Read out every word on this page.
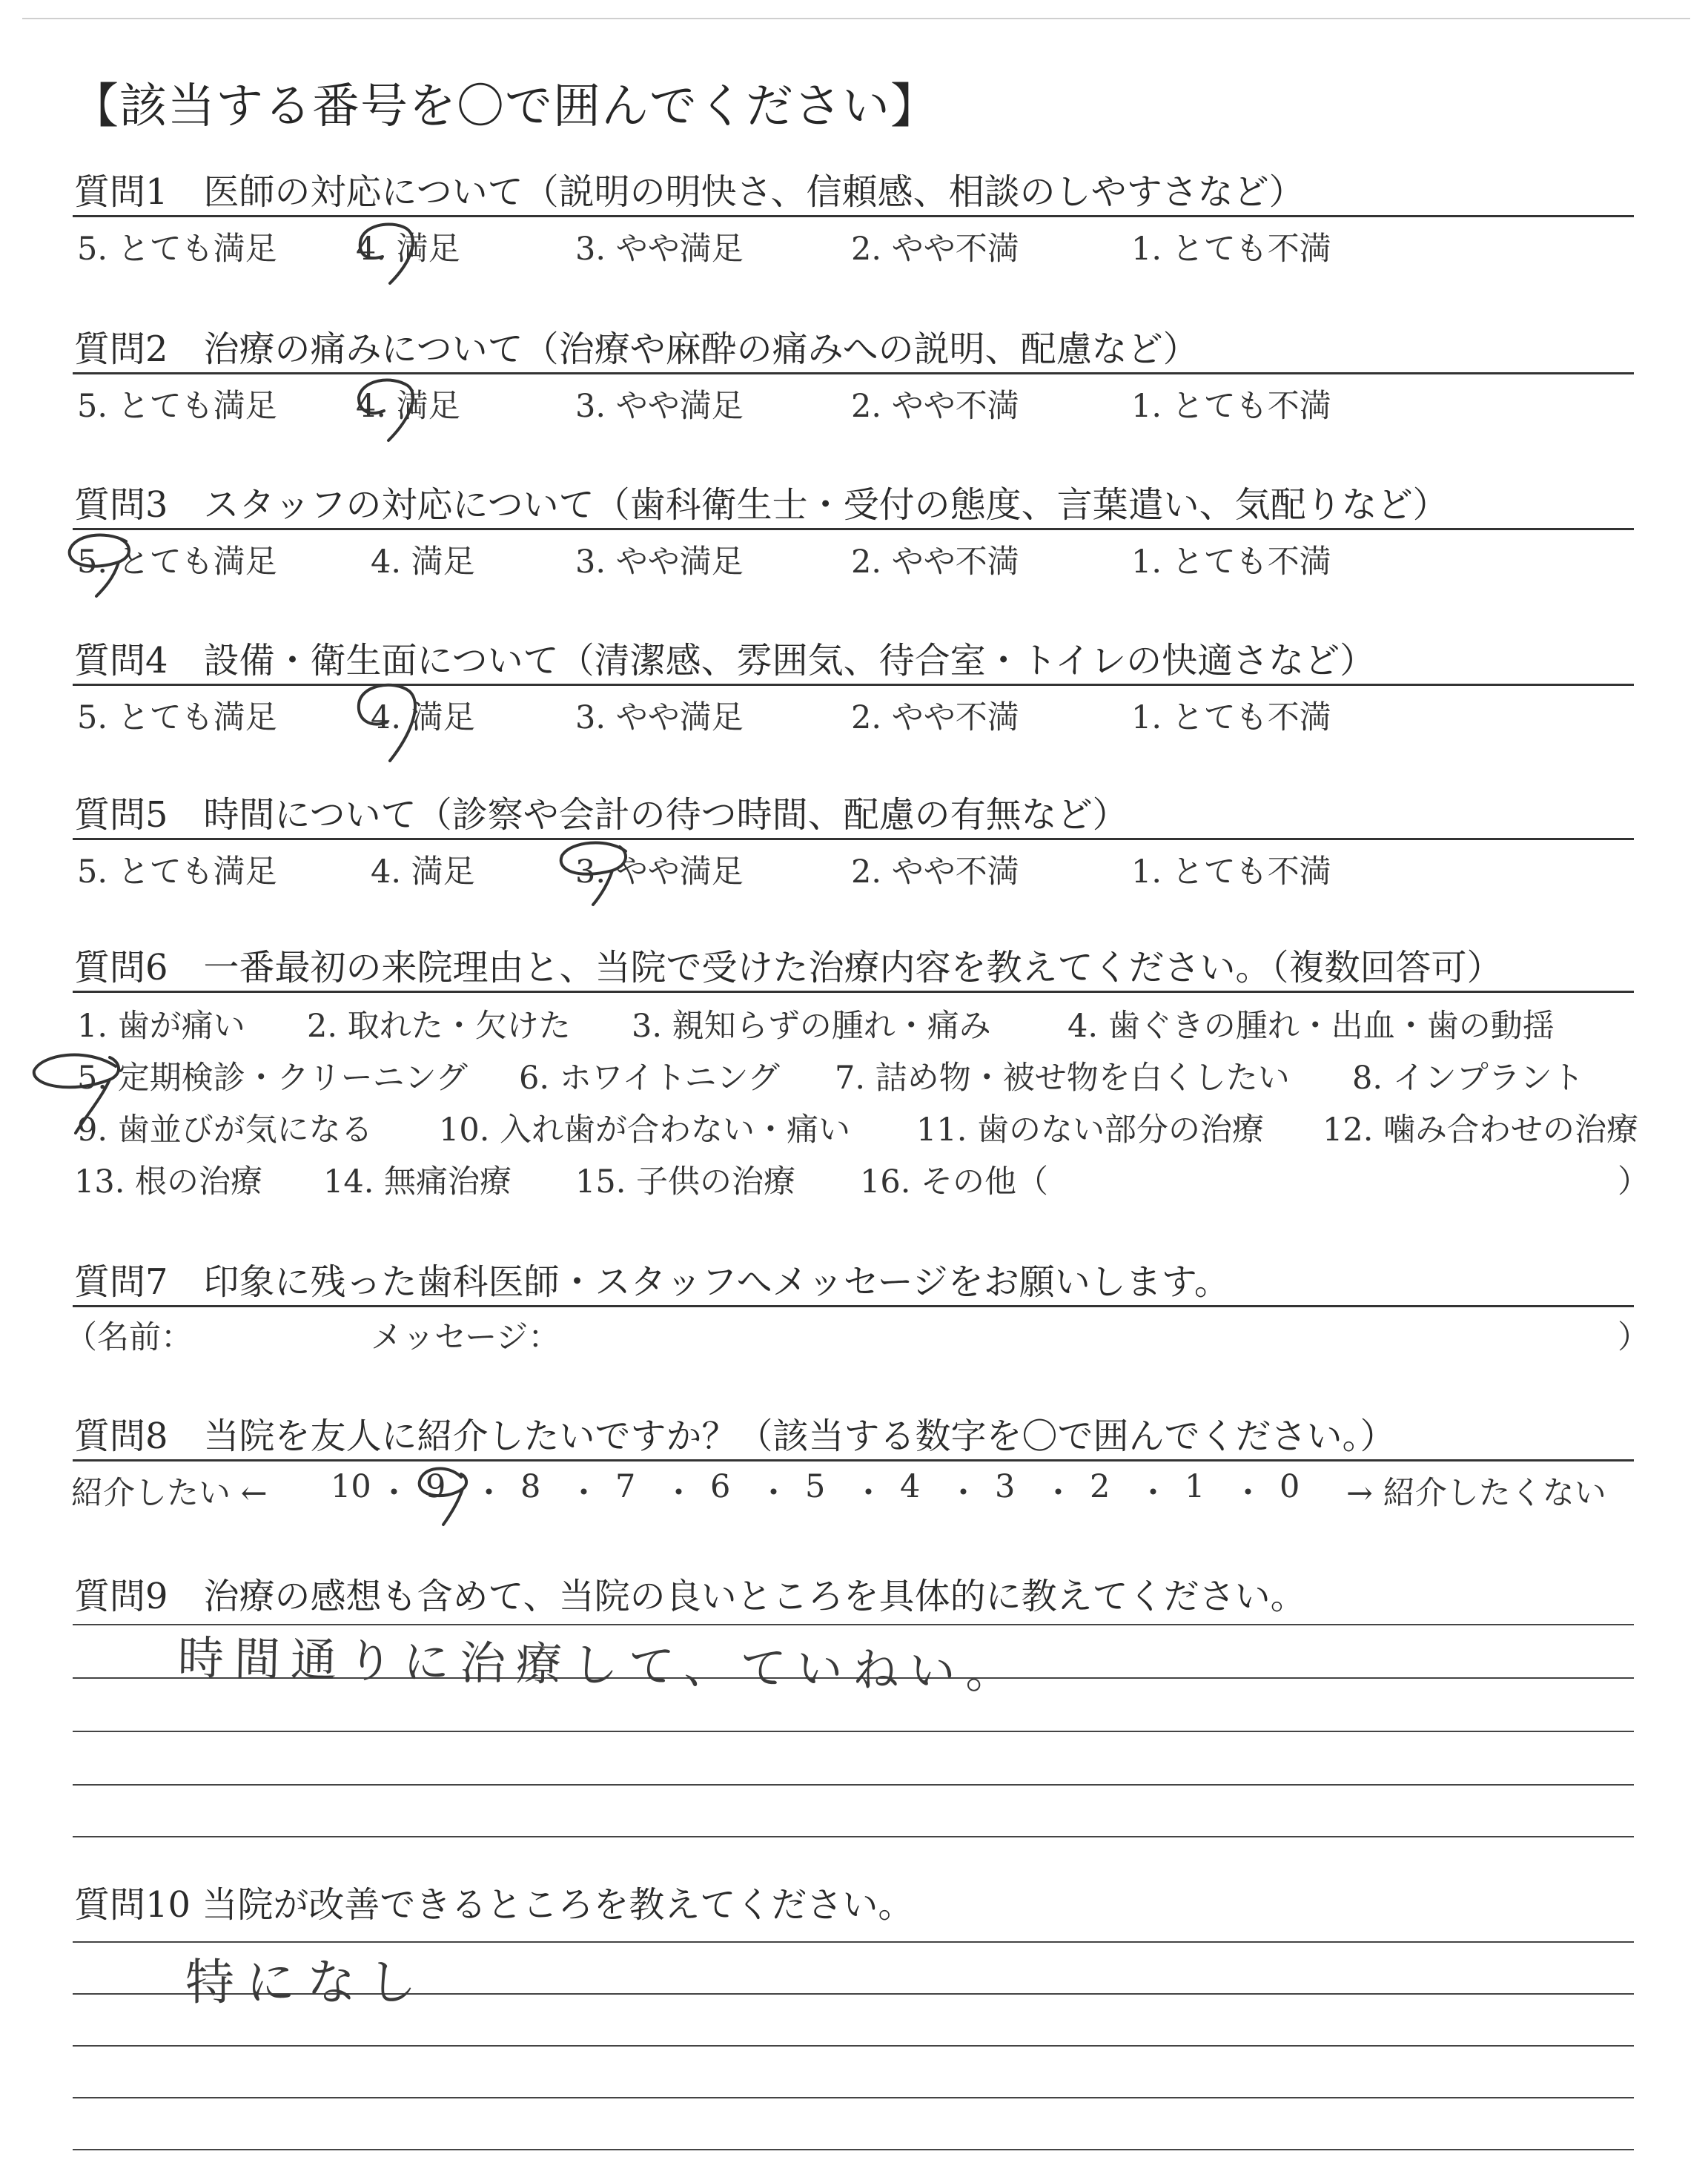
【該当する番号を〇で囲んでください】
質問1　医師の対応について（説明の明快さ、信頼感、相談のしやすさなど）
5. とても満足 4. 満足	3. やや満足	2. やや不満	1. とても不満
質問2　治療の痛みについて（治療や麻酔の痛みへの説明、配慮など）
5. とても満足 4. 満足	3. やや満足	2. やや不満	1. とても不満
質問3　スタッフの対応について（歯科衛生士・受付の態度、言葉遣い、気配りなど）
5. とても満足	4. 満足	3. やや満足	2. やや不満	1. とても不満
質問4　設備・衛生面について（清潔感、雰囲気、待合室・トイレの快適さなど）
5. とても満足	4. 満足	3. やや満足	2. やや不満	1. とても不満
質問5　時間について（診察や会計の待つ時間、配慮の有無など）
5. とても満足	4. 満足	3. やや満足	2. やや不満	1. とても不満
質問6　一番最初の来院理由と、当院で受けた治療内容を教えてください。（複数回答可）
1. 歯が痛い 2. 取れた・欠けた 3. 親知らずの腫れ・痛み 4. 歯ぐきの腫れ・出血・歯の動揺
5. 定期検診・クリーニング 6. ホワイトニング 7. 詰め物・被せ物を白くしたい 8. インプラント
9. 歯並びが気になる 10. 入れ歯が合わない・痛い 11. 歯のない部分の治療 12. 噛み合わせの治療
13. 根の治療 14. 無痛治療 15. 子供の治療 16. その他（	）
質問7　印象に残った歯科医師・スタッフへメッセージをお願いします。
（名前：	メッセージ：	）
質問8　当院を友人に紹介したいですか？（該当する数字を〇で囲んでください。）
紹介したい ← 10 ・ 9 ・ 8 ・ 7 ・ 6 ・ 5 ・ 4 ・ 3 ・ 2 ・ 1 ・ 0 → 紹介したくない
質問9　治療の感想も含めて、当院の良いところを具体的に教えてください。
時間通りに治療して、ていねい。
質問10 当院が改善できるところを教えてください。
特になし
